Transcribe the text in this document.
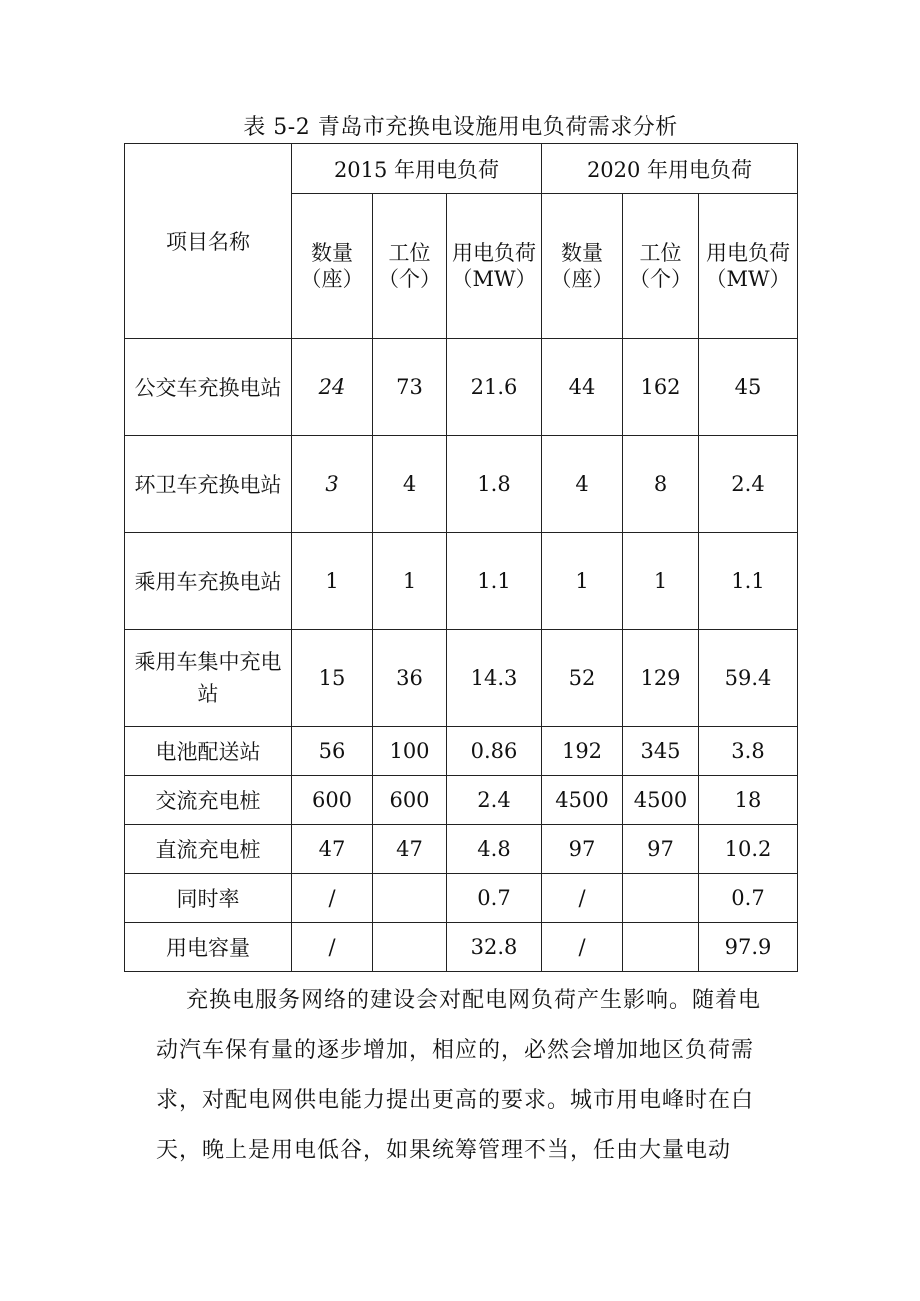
表 5-2 青岛市充换电设施用电负荷需求分析
项目名称	2015 年用电负荷			2020 年用电负荷		

	数量（座）	工位（个）	用电负荷（MW）	数量（座）	工位（个）	用电负荷（MW）

公交车充换电站	24	73	21.6	44	162	45
环卫车充换电站	3	4	1.8	4	8	2.4
乘用车充换电站	1	1	1.1	1	1	1.1

乘用车集中充电站	15	36	14.3	52	129	59.4
电池配送站	56	100	0.86	192	345	3.8
交流充电桩	600	600	2.4	4500	4500	18
直流充电桩	47	47	4.8	97	97	10.2
同时率	/		0.7	/		0.7
用电容量	/		32.8	/		97.9

充换电服务网络的建设会对配电网负荷产生影响。随着电动汽车保有量的逐步增加，相应的，必然会增加地区负荷需求，对配电网供电能力提出更高的要求。城市用电峰时在白天，晚上是用电低谷，如果统筹管理不当，任由大量电动
